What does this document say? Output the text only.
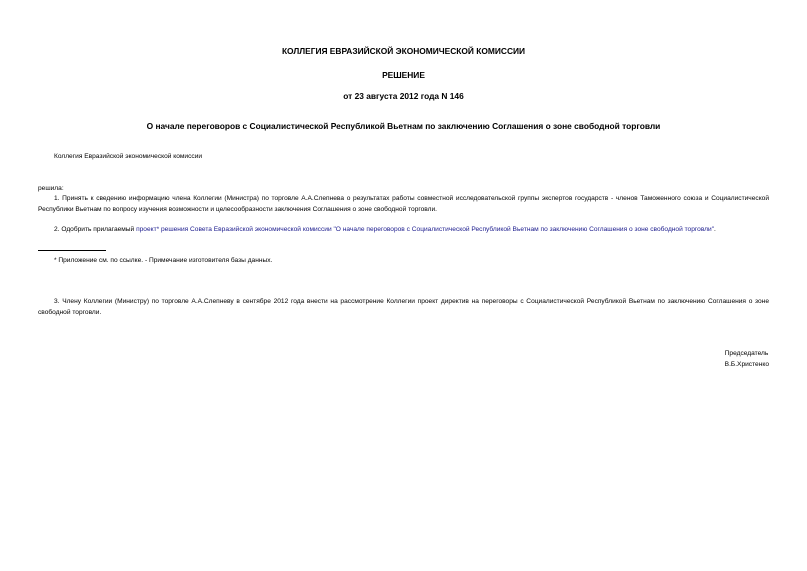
КОЛЛЕГИЯ ЕВРАЗИЙСКОЙ ЭКОНОМИЧЕСКОЙ КОМИССИИ
РЕШЕНИЕ
от 23 августа 2012 года N 146
О начале переговоров с Социалистической Республикой Вьетнам по заключению Соглашения о зоне свободной торговли
Коллегия Евразийской экономической комиссии
решила:
1. Принять к сведению информацию члена Коллегии (Министра) по торговле А.А.Слепнева о результатах работы совместной исследовательской группы экспертов государств - членов Таможенного союза и Социалистической Республики Вьетнам по вопросу изучения возможности и целесообразности заключения Соглашения о зоне свободной торговли.
2. Одобрить прилагаемый проект* решения Совета Евразийской экономической комиссии "О начале переговоров с Социалистической Республикой Вьетнам по заключению Соглашения о зоне свободной торговли".
* Приложение см. по ссылке. - Примечание изготовителя базы данных.
3. Члену Коллегии (Министру) по торговле А.А.Слепневу в сентябре 2012 года внести на рассмотрение Коллегии проект директив на переговоры с Социалистической Республикой Вьетнам по заключению Соглашения о зоне свободной торговли.
Председатель
В.Б.Христенко
